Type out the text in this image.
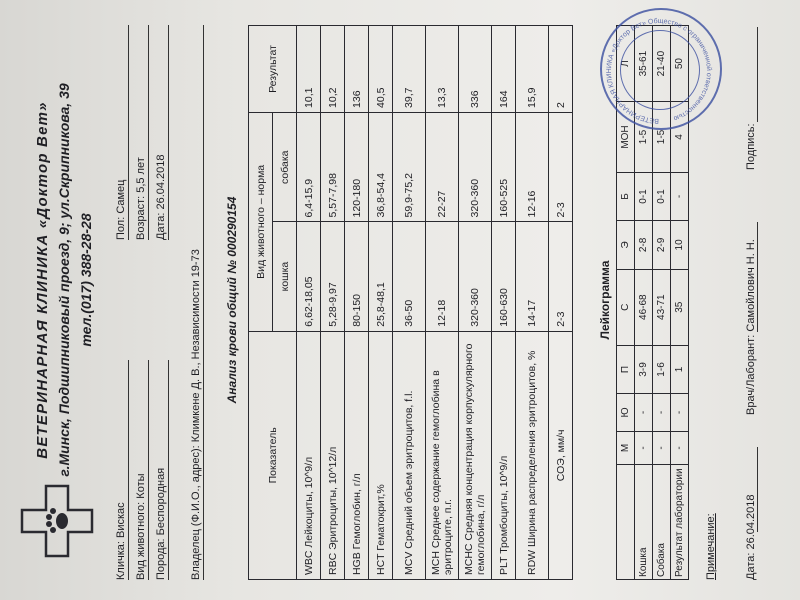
ВЕТЕРИНАРНАЯ КЛИНИКА «Доктор Вет» г.Минск, Подшипниковый проезд, 9; ул.Скрипникова, 39 тел.(017) 388-28-28
Кличка: Вискас Вид животного: Коты Порода: Беспородная
Пол: Самец Возраст: 5,5 лет Дата: 26.04.2018
Владелец (Ф.И.О., адрес): Климкене Д. В., Независимости 19-73 Анализ крови общий № 000290154
Показатель	Вид животного – норма		Результат
	кошка	собака	
WBC Лейкоциты, 10^9/л	6,62-18,05	6,4-15,9	10,1
RBC Эритроциты, 10^12/л	5,28-9,97	5,57-7,98	10,2
HGB Гемоглобин, г/л	80-150	120-180	136
HCT Гематокрит,%	25,8-48,1	36,8-54,4	40,5
MCV Средний объем эритроцитов, f.l.	36-50	59,9-75,2	39,7
MCH Среднее содержание гемоглобина в эритроците, п.г.	12-18	22-27	13,3
MCHC Средняя концентрация корпускулярного гемоглобина, г/л	320-360	320-360	336
PLT Тромбоциты, 10^9/л	160-630	160-525	164
RDW Ширина распределения эритроцитов, %	14-17	12-16	15,9
СОЭ, мм/ч	2-3	2-3	2
Лейкограмма
	М	Ю	П	С	Э	Б	МОН	Л
Кошка	-	-	3-9	46-68	2-8	0-1	1-5	35-61
Собака	-	-	1-6	43-71	2-9	0-1	1-5	21-40
Результат лаборатории	-	-	1	35	10	-	4	50
Примечание:	Дата: 26.04.2018
Врач/Лаборант: Самойлович Н. Н.
Подпись:
ВЕТЕРИНАРНАЯ КЛИНИКА «Доктор Вет» Общество с ограниченной ответственностью
